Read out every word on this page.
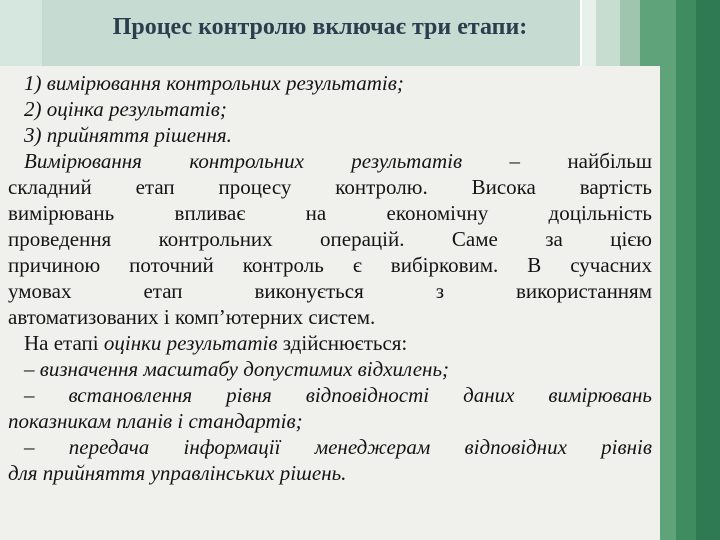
Процес контролю включає три етапи:
1) вимірювання контрольних результатів;
2) оцінка результатів;
3) прийняття рішення.
Вимірювання контрольних результатів – найбільш
складний етап процесу контролю. Висока вартість
вимірювань впливає на економічну доцільність
проведення контрольних операцій. Саме за цією
причиною поточний контроль є вибірковим. В сучасних
умовах етап виконується з використанням
автоматизованих і комп’ютерних систем.
На етапі оцінки результатів здійснюється:
– визначення масштабу допустимих відхилень;
– встановлення рівня відповідності даних вимірювань
показникам планів і стандартів;
– передача інформації менеджерам відповідних рівнів
для прийняття управлінських рішень.
